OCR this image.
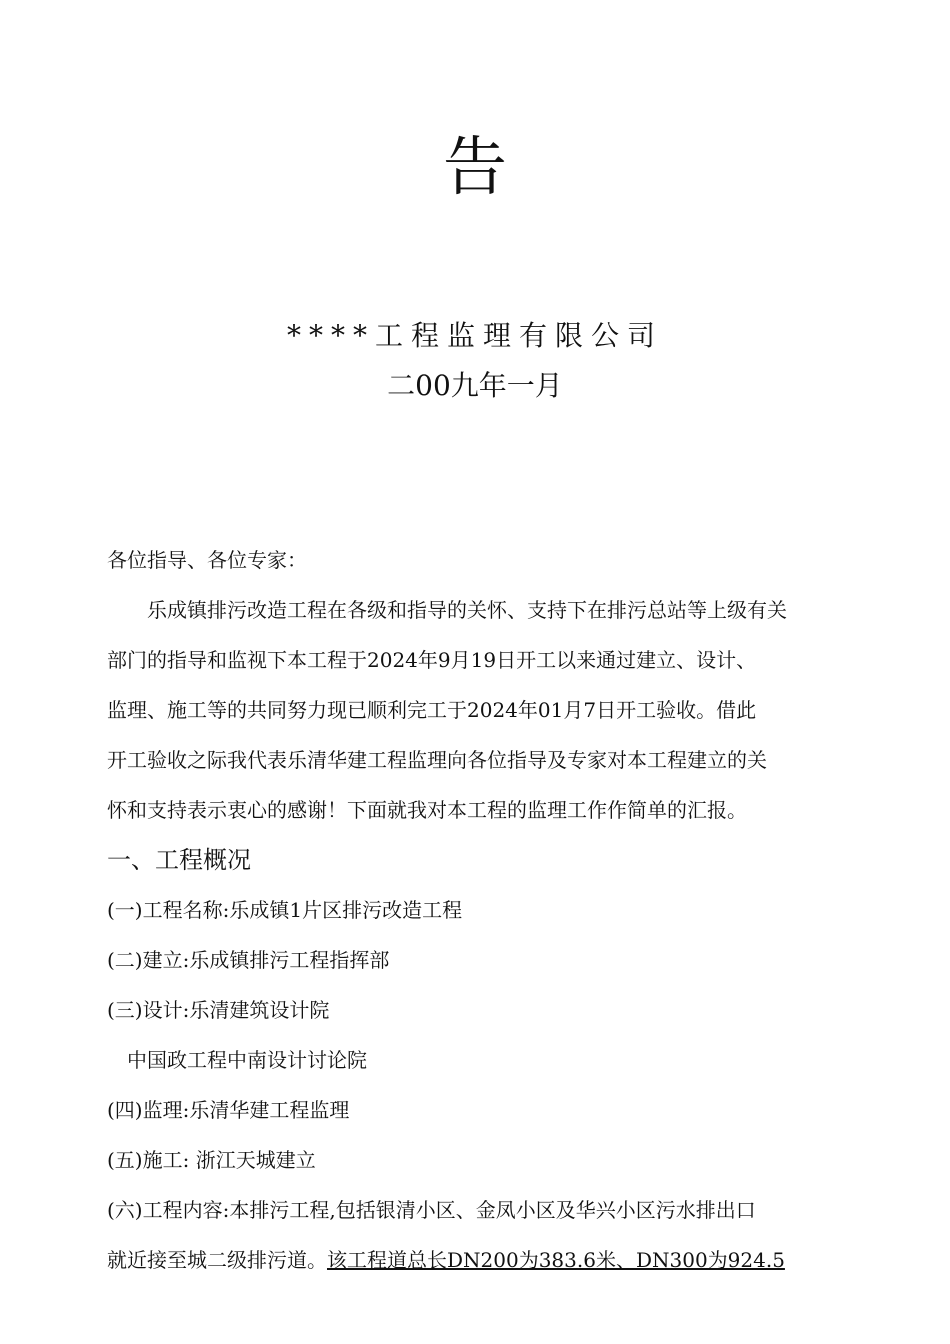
告
****工程监理有限公司
二00九年一月
各位指导、各位专家：
乐成镇排污改造工程在各级和指导的关怀、支持下在排污总站等上级有关
部门的指导和监视下本工程于2024年9月19日开工以来通过建立、设计、
监理、施工等的共同努力现已顺利完工于2024年01月7日开工验收。借此
开工验收之际我代表乐清华建工程监理向各位指导及专家对本工程建立的关
怀和支持表示衷心的感谢！下面就我对本工程的监理工作作简单的汇报。
一、工程概况
(一)工程名称:乐成镇1片区排污改造工程
(二)建立:乐成镇排污工程指挥部
(三)设计:乐清建筑设计院
中国政工程中南设计讨论院
(四)监理:乐清华建工程监理
(五)施工: 浙江天城建立
(六)工程内容:本排污工程,包括银清小区、金凤小区及华兴小区污水排出口
就近接至城二级排污道。该工程道总长DN200为383.6米、DN300为924.5
